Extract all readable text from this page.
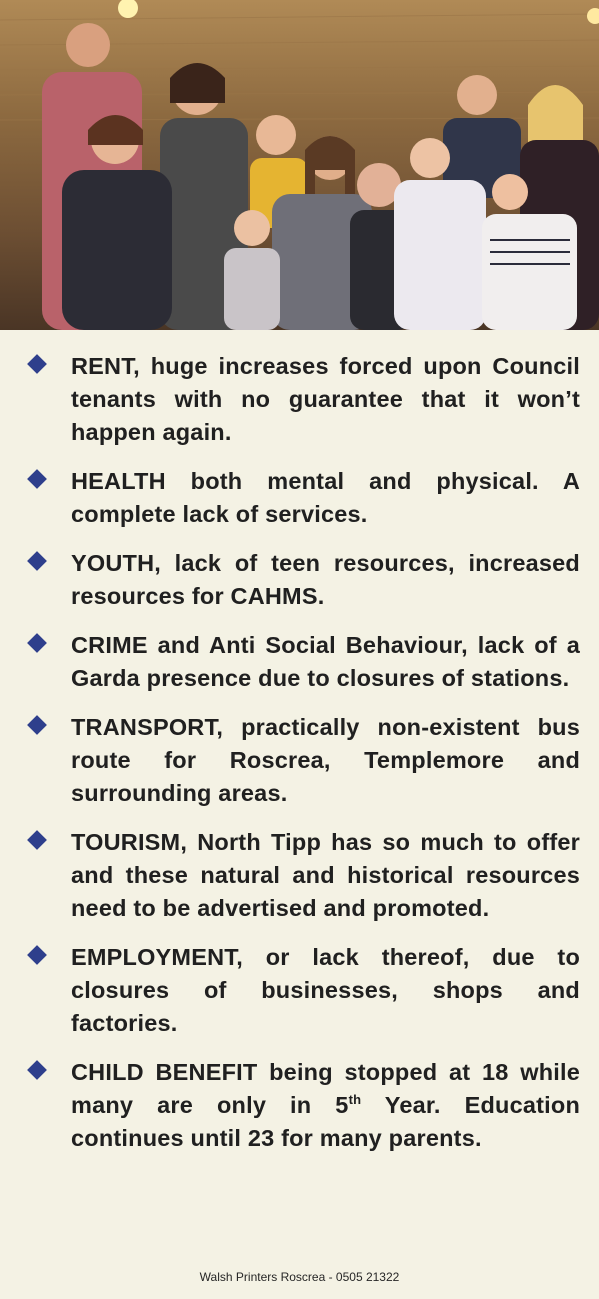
RENT, huge increases forced upon Council tenants with no guarantee that it won’t happen again.
HEALTH both mental and physical. A complete lack of services.
YOUTH, lack of teen resources, increased resources for CAHMS.
CRIME and Anti Social Behaviour, lack of a Garda presence due to closures of stations.
TRANSPORT, practically non-existent bus route for Roscrea, Templemore and surrounding areas.
TOURISM, North Tipp has so much to offer and these natural and historical resources need to be advertised and promoted.
EMPLOYMENT, or lack thereof, due to closures of businesses, shops and factories.
CHILD BENEFIT being stopped at 18 while many are only in 5th Year. Education continues until 23 for many parents.
Walsh Printers Roscrea - 0505 21322
